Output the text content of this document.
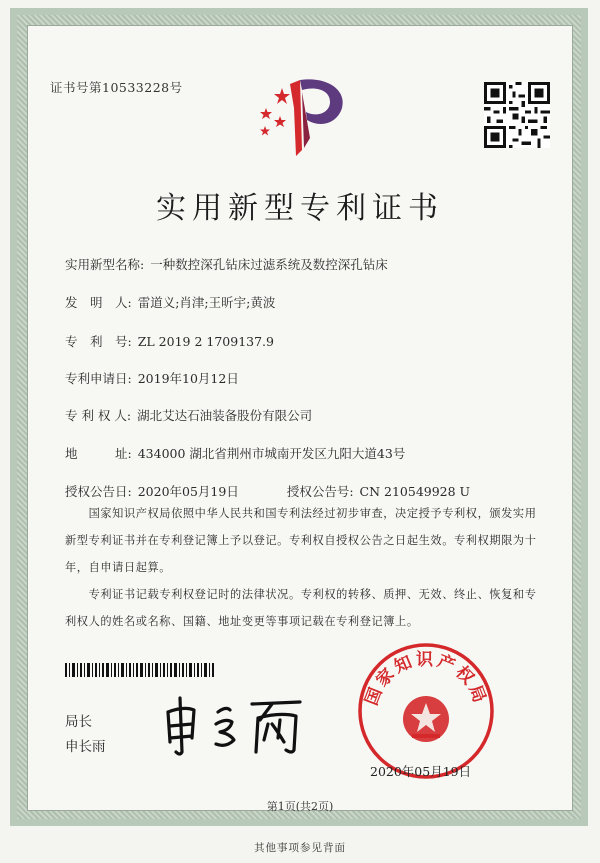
证书号第10533228号
实用新型专利证书
实用新型名称: 一种数控深孔钻床过滤系统及数控深孔钻床
发　明　人: 雷道义;肖津;王昕宇;黄波
专　利　号: ZL 2019 2 1709137.9
专利申请日: 2019年10月12日
专 利 权 人: 湖北艾达石油装备股份有限公司
地　　　址: 434000 湖北省荆州市城南开发区九阳大道43号
授权公告日: 2020年05月19日	授权公告号: CN 210549928 U
　　国家知识产权局依照中华人民共和国专利法经过初步审查，决定授予专利权，颁发实用
新型专利证书并在专利登记簿上予以登记。专利权自授权公告之日起生效。专利权期限为十
年，自申请日起算。
　　专利证书记载专利权登记时的法律状况。专利权的转移、质押、无效、终止、恢复和专
利权人的姓名或名称、国籍、地址变更等事项记载在专利登记簿上。
局长
申长雨
国家知识产权局
2020年05月19日
第1页(共2页)
其他事项参见背面
